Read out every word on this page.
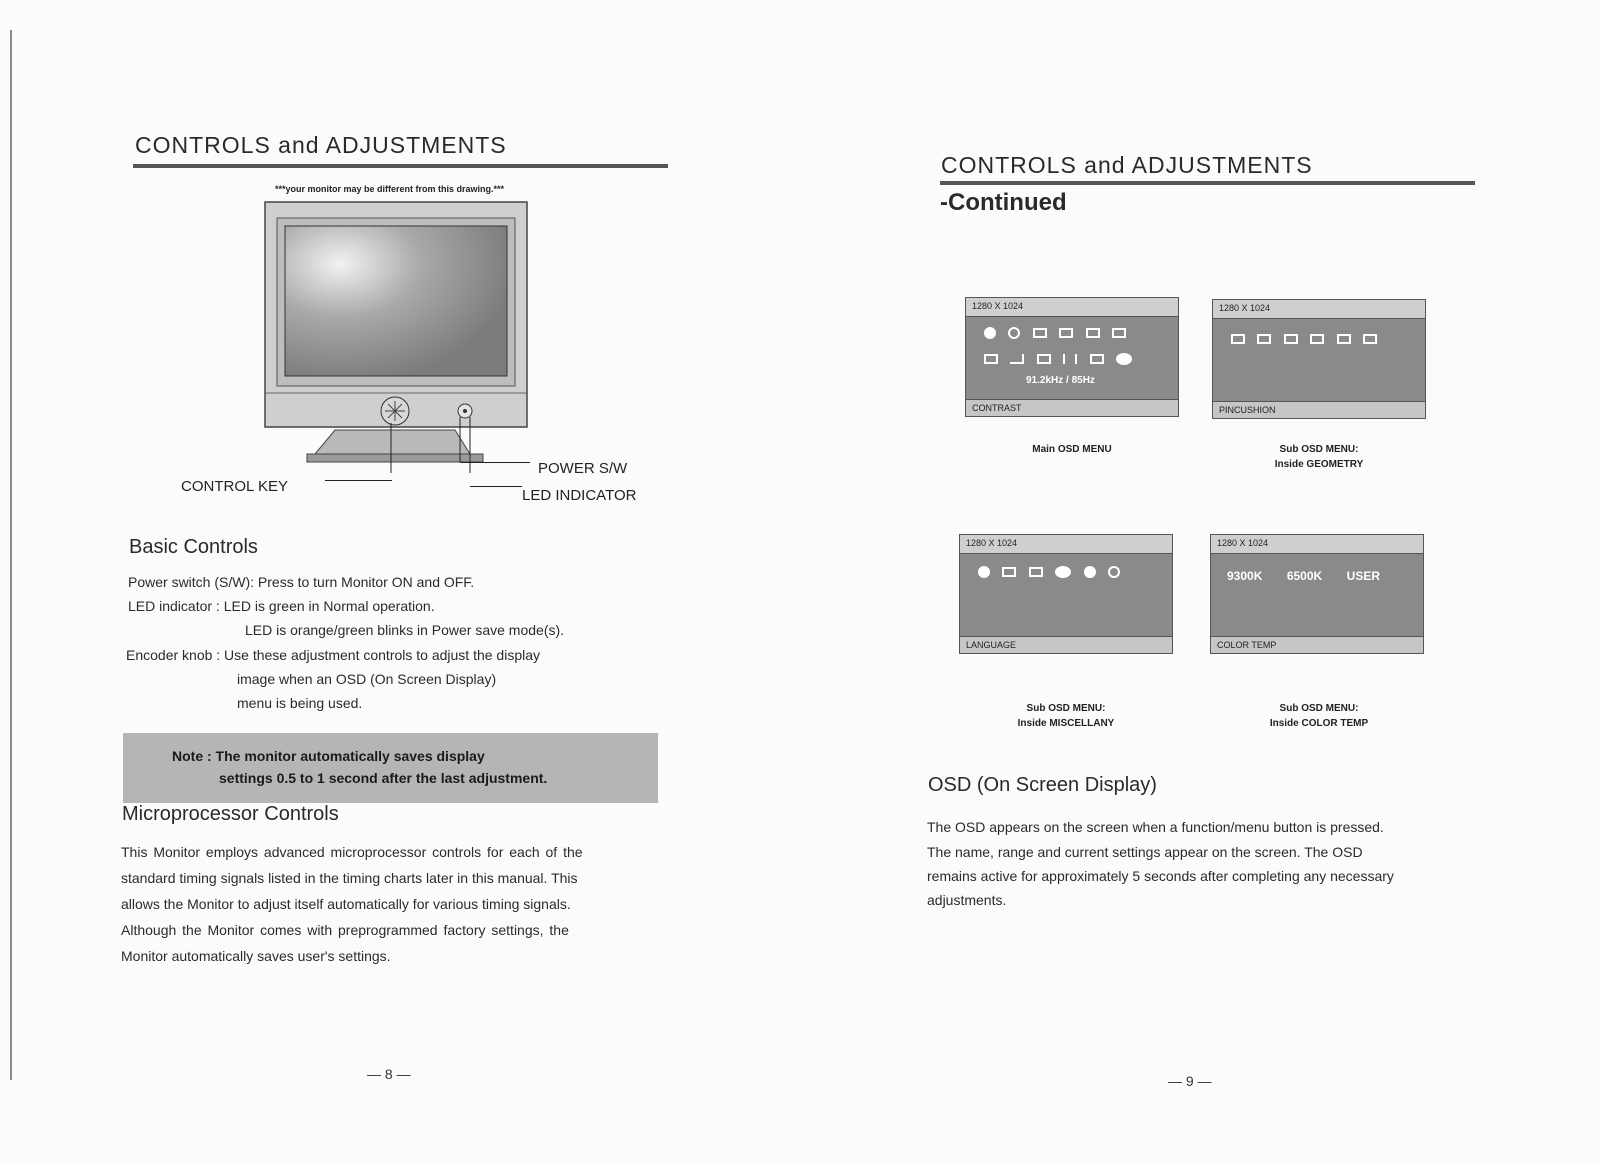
CONTROLS and ADJUSTMENTS
***your monitor may be different from this drawing.***
CONTROL KEY
POWER S/W
LED INDICATOR
Basic Controls
Power switch (S/W): Press to turn Monitor ON and OFF.
LED indicator : LED is green in Normal operation.
LED is orange/green blinks in Power save mode(s).
Encoder knob : Use these adjustment controls to adjust the display
image when an OSD (On Screen Display)
menu is being used.
Note : The monitor automatically saves display
settings 0.5 to 1 second after the last adjustment.
Microprocessor Controls
This Monitor employs advanced microprocessor controls for each of the
standard timing signals listed in the timing charts later in this manual. This
allows the Monitor to adjust itself automatically for various timing signals.
Although the Monitor comes with preprogrammed factory settings, the
Monitor automatically saves user's settings.
— 8 —
CONTROLS and ADJUSTMENTS
-Continued
1280 X 1024

91.2kHz / 85Hz
CONTRAST
Main OSD MENU
1280 X 1024

PINCUSHION
Sub OSD MENU:
Inside GEOMETRY
1280 X 1024

LANGUAGE
Sub OSD MENU:
Inside MISCELLANY
1280 X 1024
9300K 6500K USER
COLOR TEMP
Sub OSD MENU:
Inside COLOR TEMP
OSD (On Screen Display)
The OSD appears on the screen when a function/menu button is pressed.
The name, range and current settings appear on the screen. The OSD
remains active for approximately 5 seconds after completing any necessary
adjustments.
— 9 —
